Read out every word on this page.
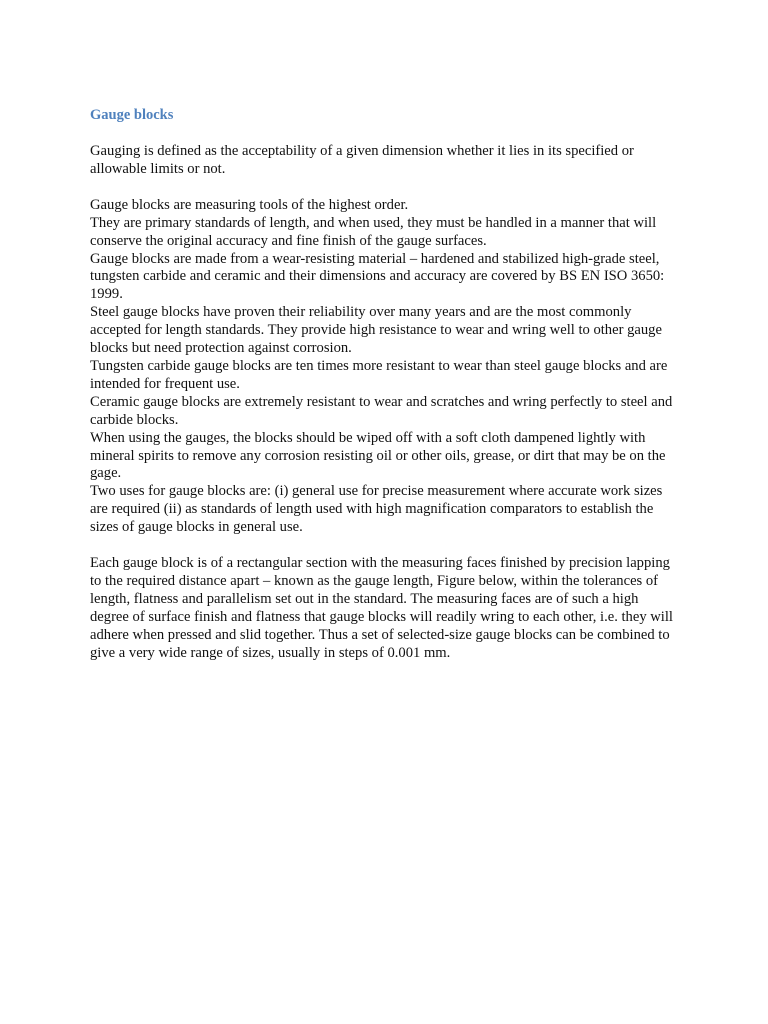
Gauge blocks

Gauging is defined as the acceptability of a given dimension whether it lies in its specified or allowable limits or not.

Gauge blocks are measuring tools of the highest order.

They are primary standards of length, and when used, they must be handled in a manner that will conserve the original accuracy and fine finish of the gauge surfaces.

Gauge blocks are made from a wear-resisting material – hardened and stabilized high-grade steel, tungsten carbide and ceramic and their dimensions and accuracy are covered by BS EN ISO 3650: 1999.

Steel gauge blocks have proven their reliability over many years and are the most commonly accepted for length standards. They provide high resistance to wear and wring well to other gauge blocks but need protection against corrosion.

Tungsten carbide gauge blocks are ten times more resistant to wear than steel gauge blocks and are intended for frequent use.

Ceramic gauge blocks are extremely resistant to wear and scratches and wring perfectly to steel and carbide blocks.

When using the gauges, the blocks should be wiped off with a soft cloth dampened lightly with mineral spirits to remove any corrosion resisting oil or other oils, grease, or dirt that may be on the gage.

Two uses for gauge blocks are: (i) general use for precise measurement where accurate work sizes are required (ii) as standards of length used with high magnification comparators to establish the sizes of gauge blocks in general use.

Each gauge block is of a rectangular section with the measuring faces finished by precision lapping to the required distance apart – known as the gauge length, Figure below, within the tolerances of length, flatness and parallelism set out in the standard. The measuring faces are of such a high degree of surface finish and flatness that gauge blocks will readily wring to each other, i.e. they will adhere when pressed and slid together. Thus a set of selected-size gauge blocks can be combined to give a very wide range of sizes, usually in steps of 0.001 mm.
